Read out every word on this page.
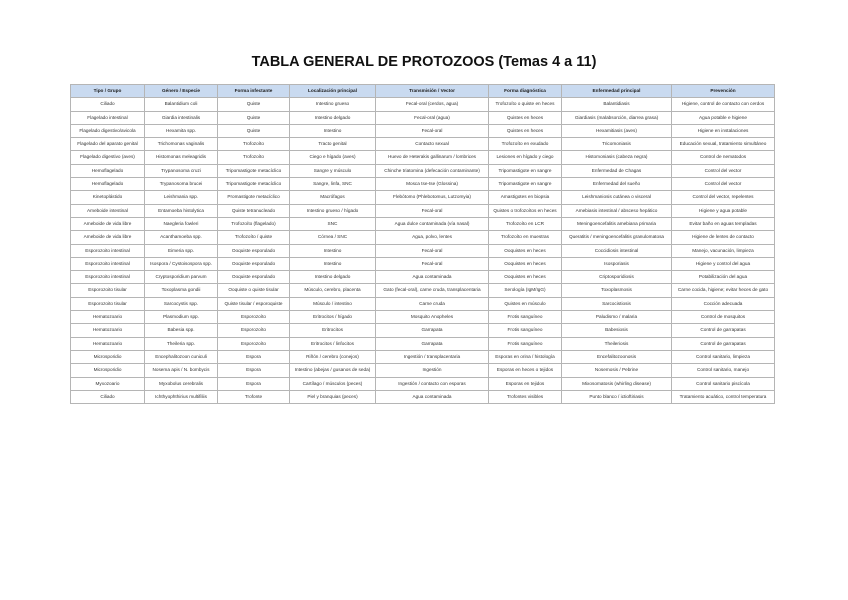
TABLA GENERAL DE PROTOZOOS (Temas 4 a 11)
Tipo / Grupo	Género / Especie	Forma infectante	Localización principal	Transmisión / Vector	Forma diagnóstica	Enfermedad principal	Prevención
Ciliado	Balantidium coli	Quiste	Intestino grueso	Fecal-oral (cerdos, agua)	Trofozoíto o quiste en heces	Balantidiasis	Higiene, control de contacto con cerdos
Flagelado intestinal	Giardia intestinalis	Quiste	Intestino delgado	Fecal-oral (agua)	Quistes en heces	Giardiasis (malabsorción, diarrea grasa)	Agua potable e higiene
Flagelado digestivo/avicola	Hexamita spp.	Quiste	Intestino	Fecal-oral	Quistes en heces	Hexamitiasis (aves)	Higiene en instalaciones
Flagelado del aparato genital	Trichomonas vaginalis	Trofozoíto	Tracto genital	Contacto sexual	Trofozoíto en exudado	Tricomoniasis	Educación sexual, tratamiento simultáneo
Flagelado digestivo (aves)	Histomonas meleagridis	Trofozoíto	Ciego e hígado (aves)	Huevo de Heterakis gallinarum / lombrices	Lesiones en hígado y ciego	Histomoniasis (cabeza negra)	Control de nematodos
Hemoflagelado	Trypanosoma cruzi	Tripomastigote metacíclico	Sangre y músculo	Chinche triatomina (defecación contaminante)	Tripomastigote en sangre	Enfermedad de Chagas	Control del vector
Hemoflagelado	Trypanosoma brucei	Tripomastigote metacíclico	Sangre, linfa, SNC	Mosca tse-tse (Glossina)	Tripomastigote en sangre	Enfermedad del sueño	Control del vector
Kinetoplástido	Leishmania spp.	Promastigote metacíclico	Macrófagos	Flebótomo (Phlebotomus, Lutzomyia)	Amastigotes en biopsia	Leishmaniosis cutánea o visceral	Control del vector, repelentes
Ameboide intestinal	Entamoeba histolytica	Quiste tetranucleado	Intestino grueso / hígado	Fecal-oral	Quistes o trofozoítos en heces	Amebiasis intestinal / absceso hepático	Higiene y agua potable
Ameboide de vida libre	Naegleria fowleri	Trofozoíto (flagelado)	SNC	Agua dulce contaminada (vía nasal)	Trofozoíto en LCR	Meningoencefalitis amebiana primaria	Evitar baño en aguas templadas
Ameboide de vida libre	Acanthamoeba spp.	Trofozoíto / quiste	Córnea / SNC	Agua, polvo, lentes	Trofozoíto en muestras	Queratitis / meningoencefalitis granulomatosa	Higiene de lentes de contacto
Esporozoito intestinal	Eimeria spp.	Ooquiste esporulado	Intestino	Fecal-oral	Ooquistes en heces	Coccidiosis intestinal	Manejo, vacunación, limpieza
Esporozoito intestinal	Isospora / Cystoisospora spp.	Ooquiste esporulado	Intestino	Fecal-oral	Ooquistes en heces	Isosporiasis	Higiene y control del agua
Esporozoito intestinal	Cryptosporidium parvum	Ooquiste esporulado	Intestino delgado	Agua contaminada	Ooquistes en heces	Criptosporidiosis	Potabilización del agua
Esporozoito tisular	Toxoplasma gondii	Ooquiste o quiste tisular	Músculo, cerebro, placenta	Gato (fecal-oral), carne cruda, transplacentaria	Serología (IgM/IgG)	Toxoplasmosis	Carne cocida, higiene; evitar heces de gato
Esporozoito tisular	Sarcocystis spp.	Quiste tisular / esporoquiste	Músculo / intestino	Carne cruda	Quistes en músculo	Sarcocistiosis	Cocción adecuada
Hematozoario	Plasmodium spp.	Esporozoíto	Eritrocitos / hígado	Mosquito Anopheles	Frotis sanguíneo	Paludismo / malaria	Control de mosquitos
Hematozoario	Babesia spp.	Esporozoíto	Eritrocitos	Garrapata	Frotis sanguíneo	Babesiosis	Control de garrapatas
Hematozoario	Theileria spp.	Esporozoíto	Eritrocitos / linfocitos	Garrapata	Frotis sanguíneo	Theileriosis	Control de garrapatas
Microsporidio	Encephalitozoon cuniculi	Espora	Riñón / cerebro (conejos)	Ingestión / transplacentaria	Esporas en orina / histología	Encefalitozoonosis	Control sanitario, limpieza
Microsporidio	Nosema apis / N. bombycis	Espora	Intestino (abejas / gusanos de seda)	Ingestión	Esporas en heces o tejidos	Nosemosis / Pebrine	Control sanitario, manejo
Myxozoario	Myxobolus cerebralis	Espora	Cartílago / músculos (peces)	Ingestión / contacto con esporas	Esporas en tejidos	Mixosomatosis (whirling disease)	Control sanitario piscícola
Ciliado	Ichthyophthirius multifiliis	Trofonte	Piel y branquias (peces)	Agua contaminada	Trofontes visibles	Punto blanco / ictioftiriasis	Tratamiento acuático, control temperatura
